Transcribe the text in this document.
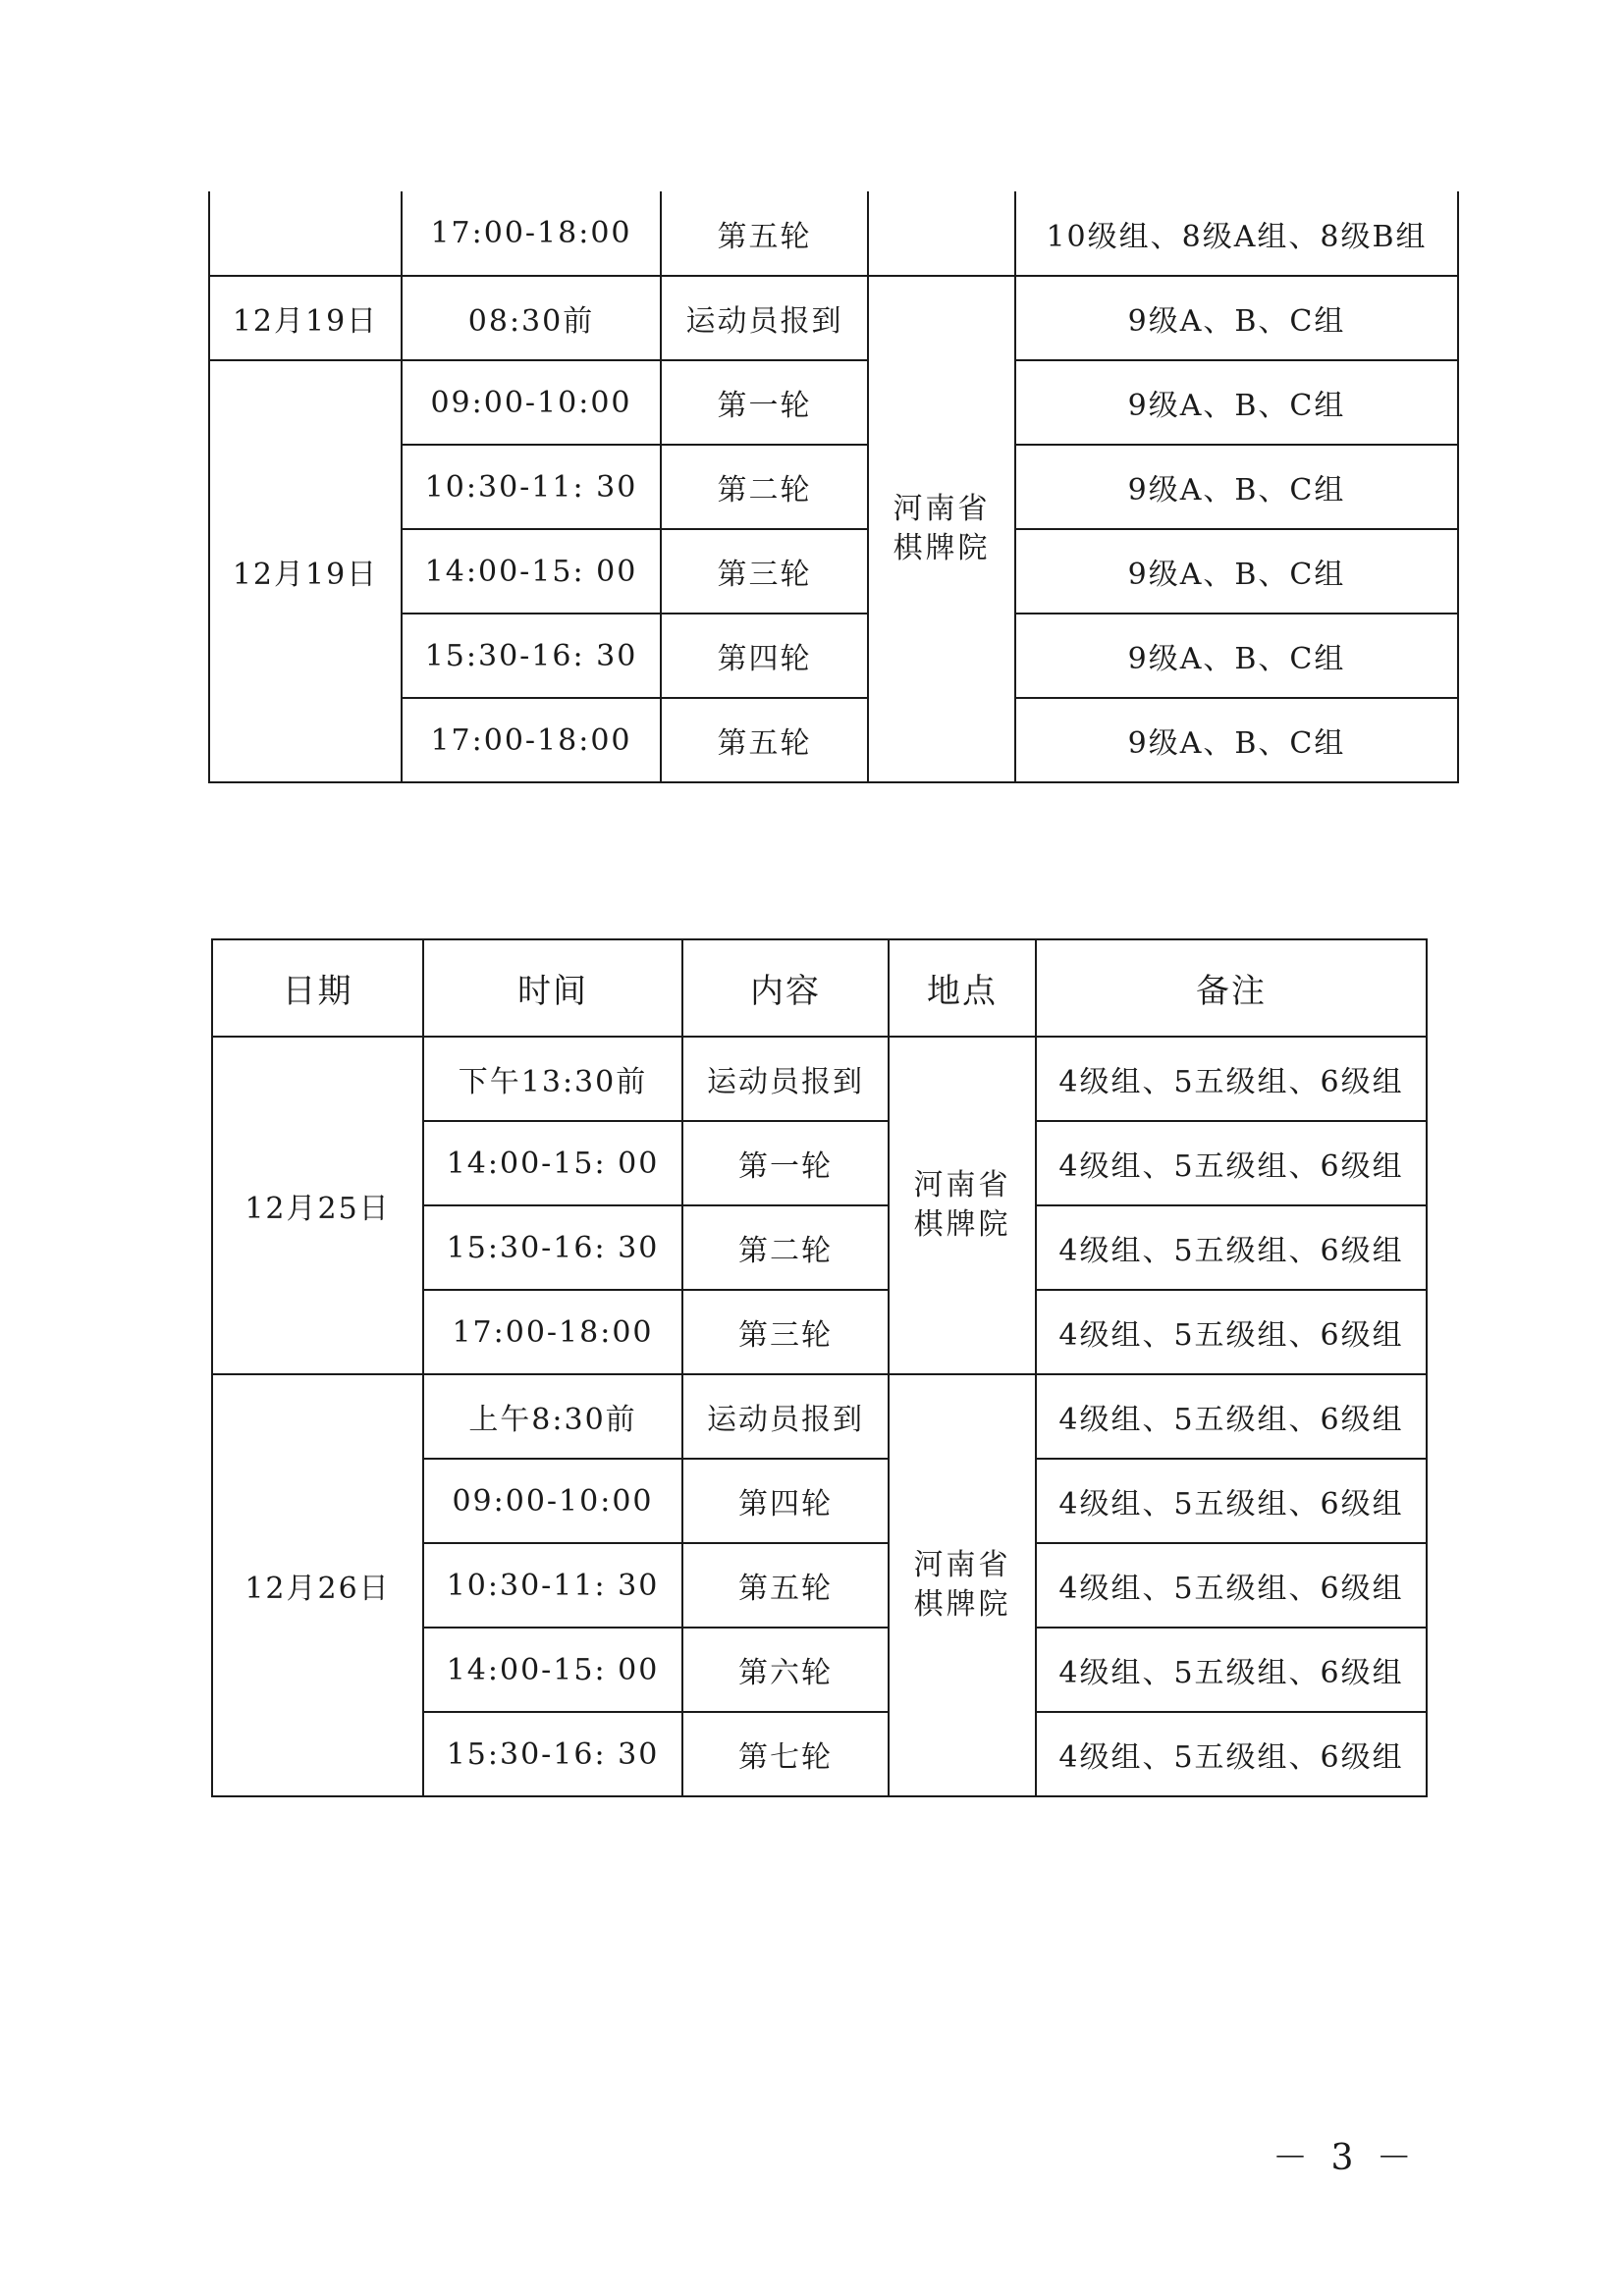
	17:00-18:00	第五轮		10级组、8级A组、8级B组
12月19日	08:30前	运动员报到	河南省棋牌院	9级A、B、C组
12月19日	09:00-10:00	第一轮		9级A、B、C组
	10:30-11: 30	第二轮		9级A、B、C组
	14:00-15: 00	第三轮		9级A、B、C组
	15:30-16: 30	第四轮		9级A、B、C组
	17:00-18:00	第五轮		9级A、B、C组
日期	时间	内容	地点	备注
12月25日	下午13:30前	运动员报到	河南省棋牌院	4级组、5五级组、6级组
	14:00-15: 00	第一轮		4级组、5五级组、6级组
	15:30-16: 30	第二轮		4级组、5五级组、6级组
	17:00-18:00	第三轮		4级组、5五级组、6级组
12月26日	上午8:30前	运动员报到	河南省棋牌院	4级组、5五级组、6级组
	09:00-10:00	第四轮		4级组、5五级组、6级组
	10:30-11: 30	第五轮		4级组、5五级组、6级组
	14:00-15: 00	第六轮		4级组、5五级组、6级组
	15:30-16: 30	第七轮		4级组、5五级组、6级组
－ 3 －
